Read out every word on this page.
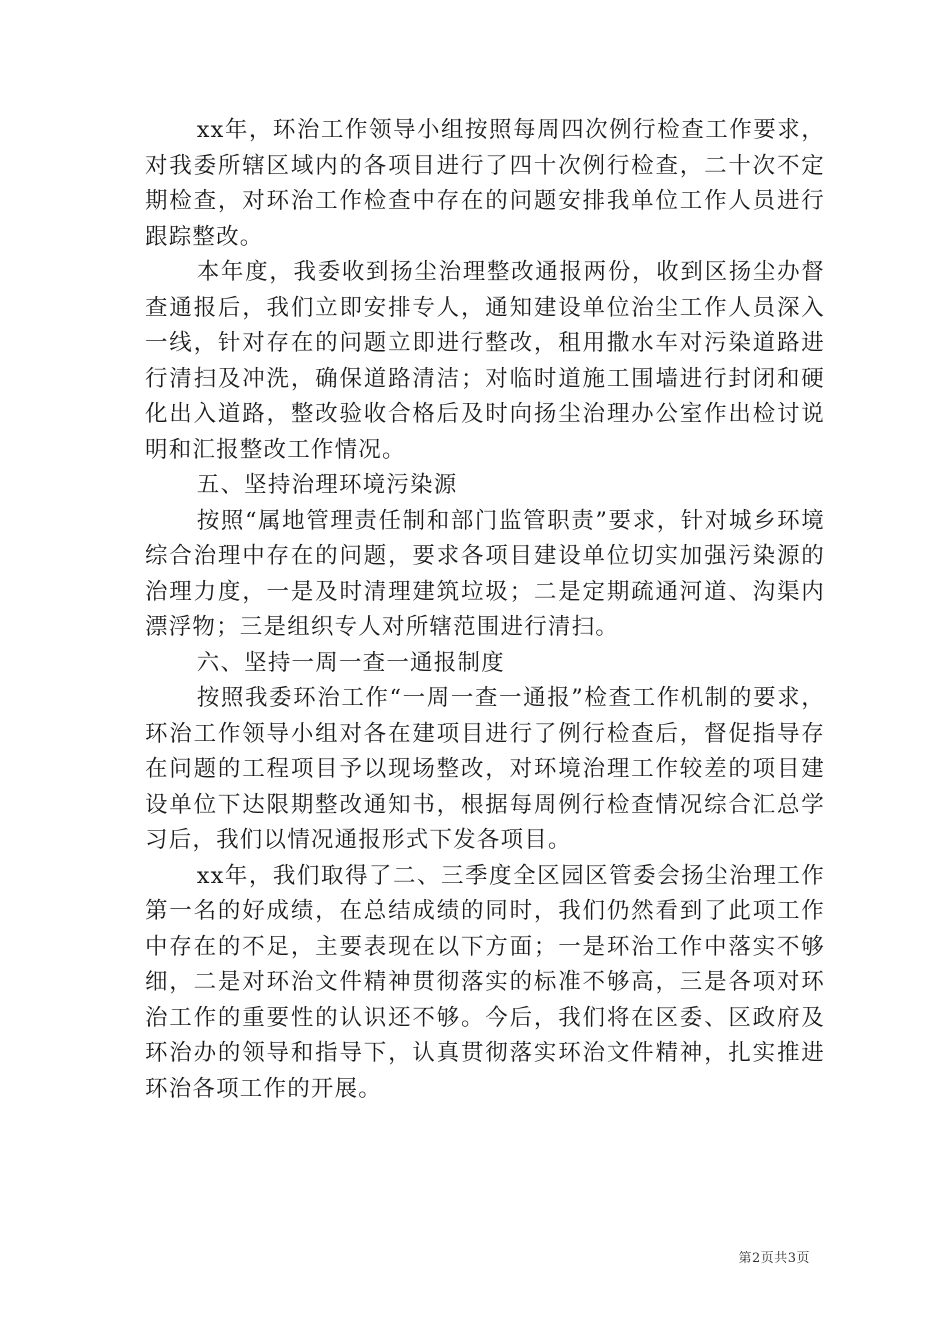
xx年，环治工作领导小组按照每周四次例行检查工作要求，对我委所辖区域内的各项目进行了四十次例行检查，二十次不定期检查，对环治工作检查中存在的问题安排我单位工作人员进行跟踪整改。

本年度，我委收到扬尘治理整改通报两份，收到区扬尘办督查通报后，我们立即安排专人，通知建设单位治尘工作人员深入一线，针对存在的问题立即进行整改，租用撒水车对污染道路进行清扫及冲洗，确保道路清洁；对临时道施工围墙进行封闭和硬化出入道路，整改验收合格后及时向扬尘治理办公室作出检讨说明和汇报整改工作情况。

五、坚持治理环境污染源

按照“属地管理责任制和部门监管职责”要求，针对城乡环境综合治理中存在的问题，要求各项目建设单位切实加强污染源的治理力度，一是及时清理建筑垃圾；二是定期疏通河道、沟渠内漂浮物；三是组织专人对所辖范围进行清扫。

六、坚持一周一查一通报制度

按照我委环治工作“一周一查一通报”检查工作机制的要求，环治工作领导小组对各在建项目进行了例行检查后，督促指导存在问题的工程项目予以现场整改，对环境治理工作较差的项目建设单位下达限期整改通知书，根据每周例行检查情况综合汇总学习后，我们以情况通报形式下发各项目。

xx年，我们取得了二、三季度全区园区管委会扬尘治理工作第一名的好成绩，在总结成绩的同时，我们仍然看到了此项工作中存在的不足，主要表现在以下方面；一是环治工作中落实不够细，二是对环治文件精神贯彻落实的标准不够高，三是各项对环治工作的重要性的认识还不够。今后，我们将在区委、区政府及环治办的领导和指导下，认真贯彻落实环治文件精神，扎实推进环治各项工作的开展。

第2页共3页
